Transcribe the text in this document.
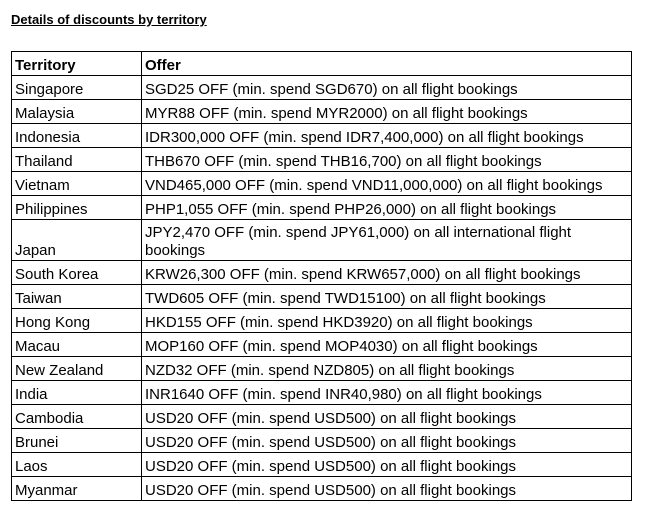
Details of discounts by territory
Territory	Offer
Singapore	SGD25 OFF (min. spend SGD670) on all flight bookings
Malaysia	MYR88 OFF (min. spend MYR2000) on all flight bookings
Indonesia	IDR300,000 OFF (min. spend IDR7,400,000) on all flight bookings
Thailand	THB670 OFF (min. spend THB16,700) on all flight bookings
Vietnam	VND465,000 OFF (min. spend VND11,000,000) on all flight bookings
Philippines	PHP1,055 OFF (min. spend PHP26,000) on all flight bookings
Japan	JPY2,470 OFF (min. spend JPY61,000) on all international flight bookings
South Korea	KRW26,300 OFF (min. spend KRW657,000) on all flight bookings
Taiwan	TWD605 OFF (min. spend TWD15100) on all flight bookings
Hong Kong	HKD155 OFF (min. spend HKD3920) on all flight bookings
Macau	MOP160 OFF (min. spend MOP4030) on all flight bookings
New Zealand	NZD32 OFF (min. spend NZD805) on all flight bookings
India	INR1640 OFF (min. spend INR40,980) on all flight bookings
Cambodia	USD20 OFF (min. spend USD500) on all flight bookings
Brunei	USD20 OFF (min. spend USD500) on all flight bookings
Laos	USD20 OFF (min. spend USD500) on all flight bookings
Myanmar	USD20 OFF (min. spend USD500) on all flight bookings
